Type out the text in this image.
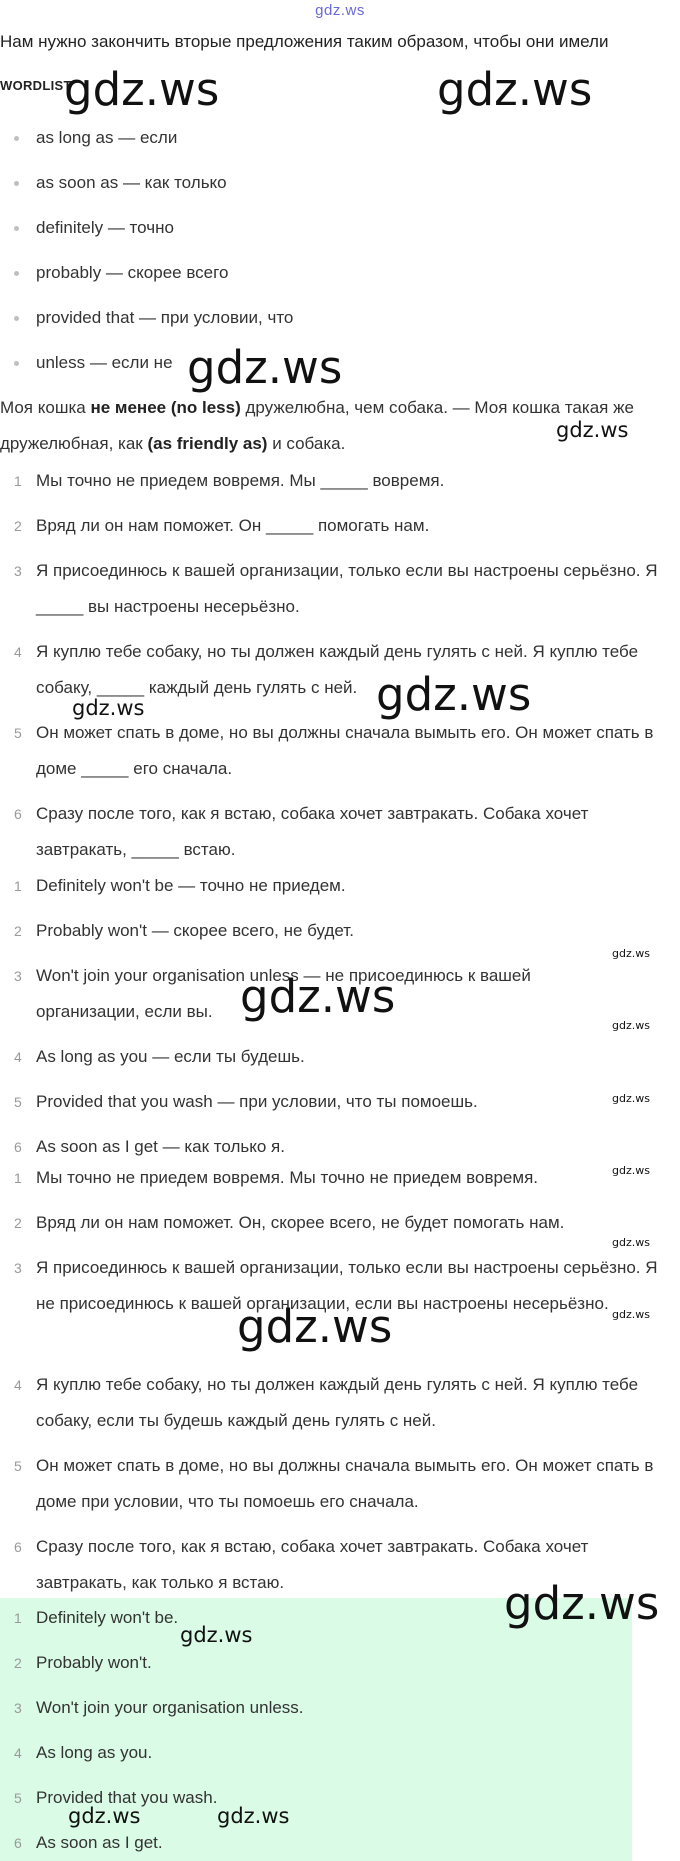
gdz.ws
Нам нужно закончить вторые предложения таким образом, чтобы они имели
WORDLIST
as long as — если
as soon as — как только
definitely — точно
probably — скорее всего
provided that — при условии, что
unless — если не
Моя кошка не менее (no less) дружелюбна, чем собака. — Моя кошка такая же дружелюбная, как (as friendly as) и собака.
1 Мы точно не приедем вовремя. Мы _____ вовремя.
2 Вряд ли он нам поможет. Он _____ помогать нам.
3 Я присоединюсь к вашей организации, только если вы настроены серьёзно. Я _____ вы настроены несерьёзно.
4 Я куплю тебе собаку, но ты должен каждый день гулять с ней. Я куплю тебе собаку, _____ каждый день гулять с ней.
5 Он может спать в доме, но вы должны сначала вымыть его. Он может спать в доме _____ его сначала.
6 Сразу после того, как я встаю, собака хочет завтракать. Собака хочет завтракать, _____ встаю.
1 Definitely won't be — точно не приедем.
2 Probably won't — скорее всего, не будет.
3 Won't join your organisation unless — не присоединюсь к вашей организации, если вы.
4 As long as you — если ты будешь.
5 Provided that you wash — при условии, что ты помоешь.
6 As soon as I get — как только я.
1 Мы точно не приедем вовремя. Мы точно не приедем вовремя.
2 Вряд ли он нам поможет. Он, скорее всего, не будет помогать нам.
3 Я присоединюсь к вашей организации, только если вы настроены серьёзно. Я не присоединюсь к вашей организации, если вы настроены несерьёзно.
4 Я куплю тебе собаку, но ты должен каждый день гулять с ней. Я куплю тебе собаку, если ты будешь каждый день гулять с ней.
5 Он может спать в доме, но вы должны сначала вымыть его. Он может спать в доме при условии, что ты помоешь его сначала.
6 Сразу после того, как я встаю, собака хочет завтракать. Собака хочет завтракать, как только я встаю.
1 Definitely won't be.
2 Probably won't.
3 Won't join your organisation unless.
4 As long as you.
5 Provided that you wash.
6 As soon as I get.
gdz.ws	gdz.ws
gdz.ws
gdz.ws
gdz.ws
gdz.ws
gdz.ws
gdz.ws
gdz.ws
gdz.ws
gdz.ws
gdz.ws
gdz.ws
gdz.ws
gdz.ws
gdz.ws
gdz.ws	gdz.ws
